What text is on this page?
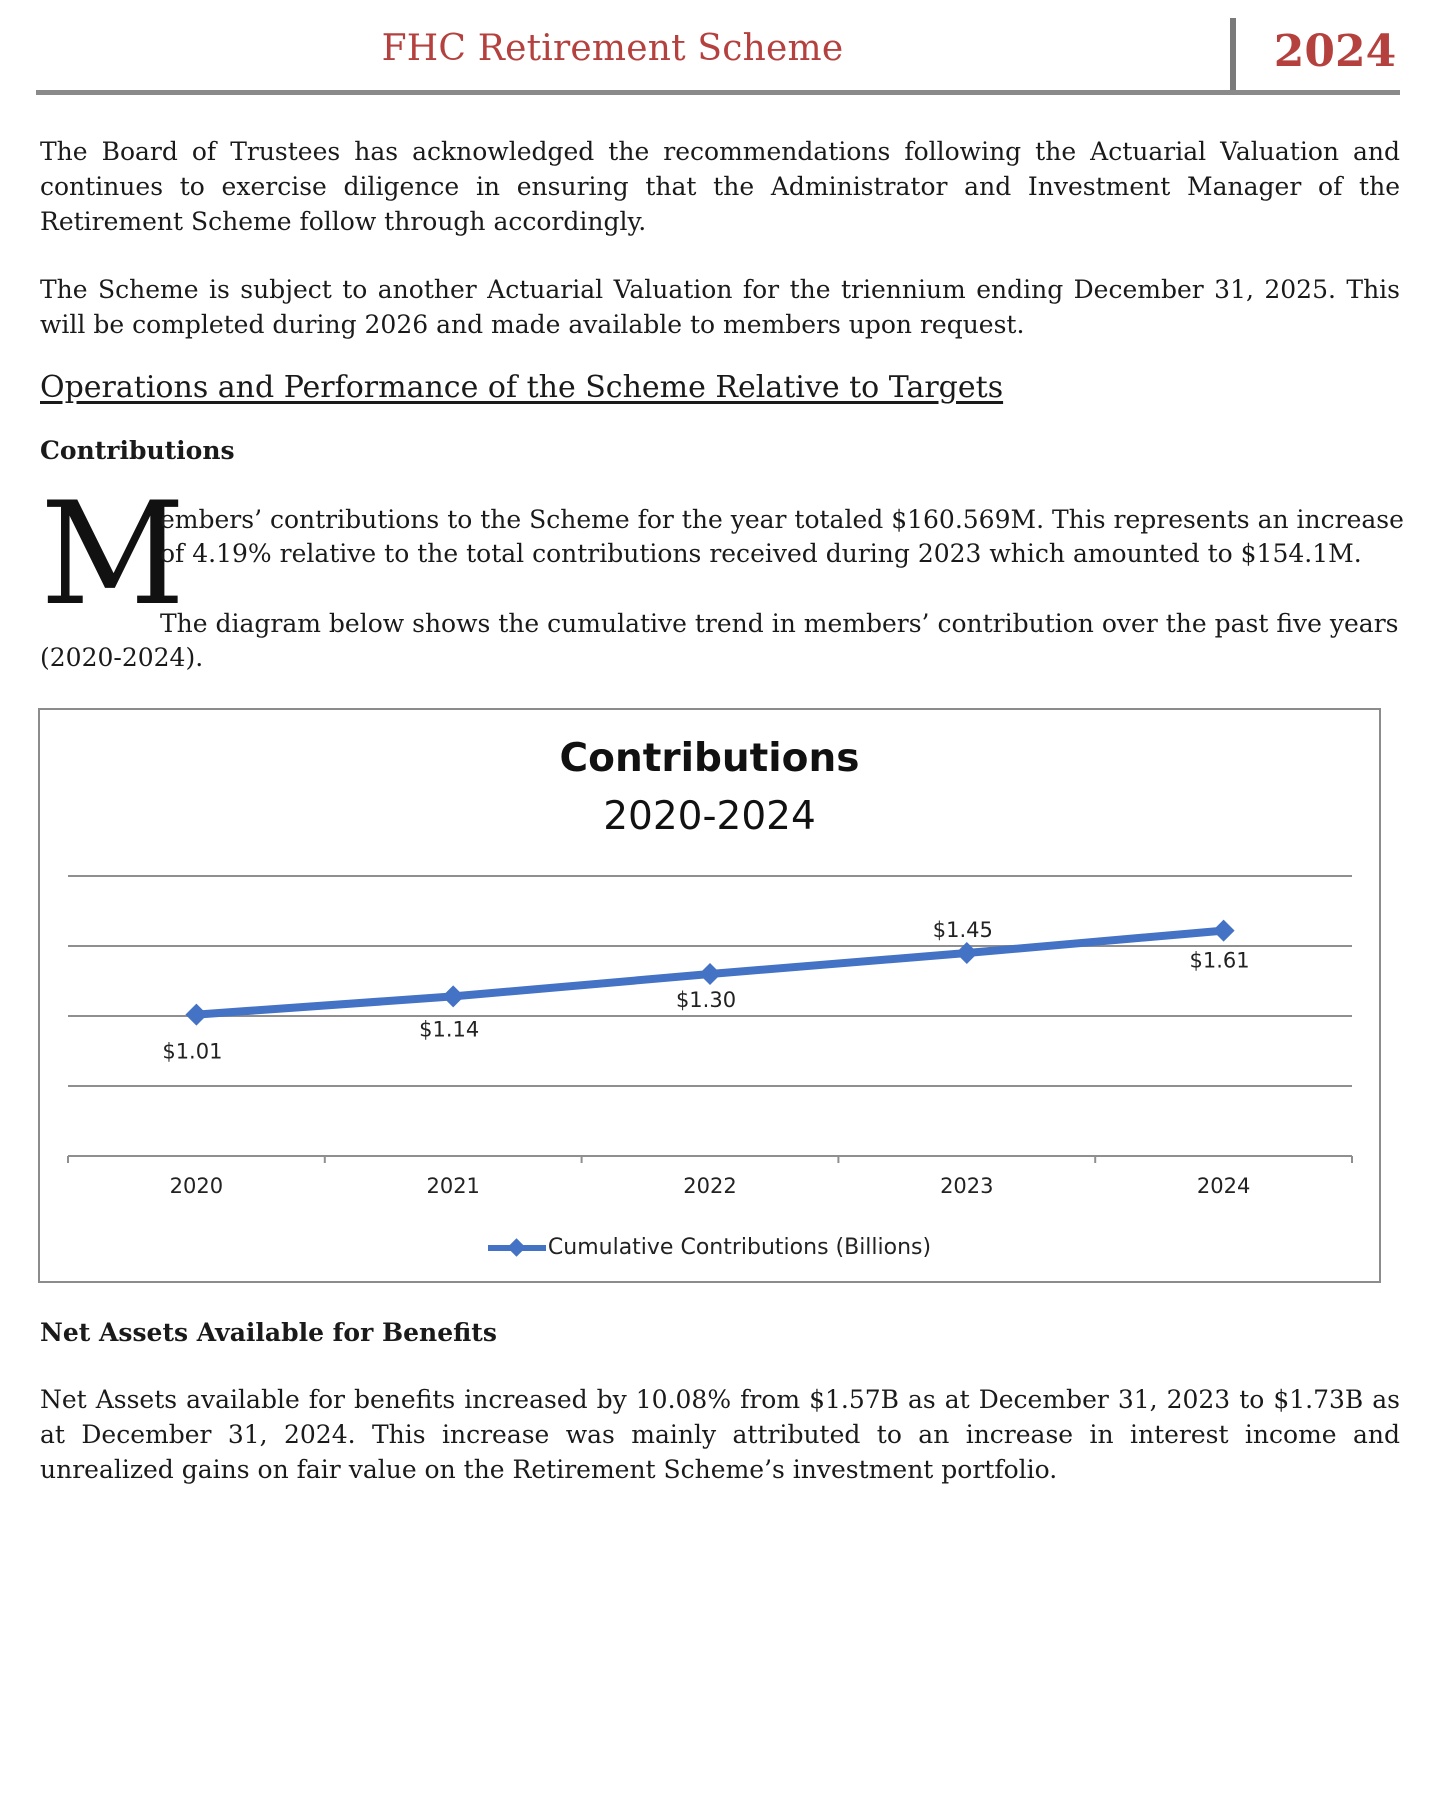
FHC Retirement Scheme	2024

The Board of Trustees has acknowledged the recommendations following the Actuarial Valuation and continues to exercise diligence in ensuring that the Administrator and Investment Manager of the Retirement Scheme follow through accordingly.

The Scheme is subject to another Actuarial Valuation for the triennium ending December 31, 2025. This will be completed during 2026 and made available to members upon request.

Operations and Performance of the Scheme Relative to Targets
Contributions
M
embers’ contributions to the Scheme for the year totaled $160.569M. This represents an increase
of 4.19% relative to the total contributions received during 2023 which amounted to $154.1M.
The diagram below shows the cumulative trend in members’ contribution over the past five years
(2020-2024).
Contributions
2020-2024
2020	2021	2022	2023	2024
$1.01
$1.14
$1.30
$1.45
$1.61
Cumulative Contributions (Billions)
Net Assets Available for Benefits

Net Assets available for benefits increased by 10.08% from $1.57B as at December 31, 2023 to $1.73B as at December 31, 2024. This increase was mainly attributed to an increase in interest income and unrealized gains on fair value on the Retirement Scheme’s investment portfolio.
